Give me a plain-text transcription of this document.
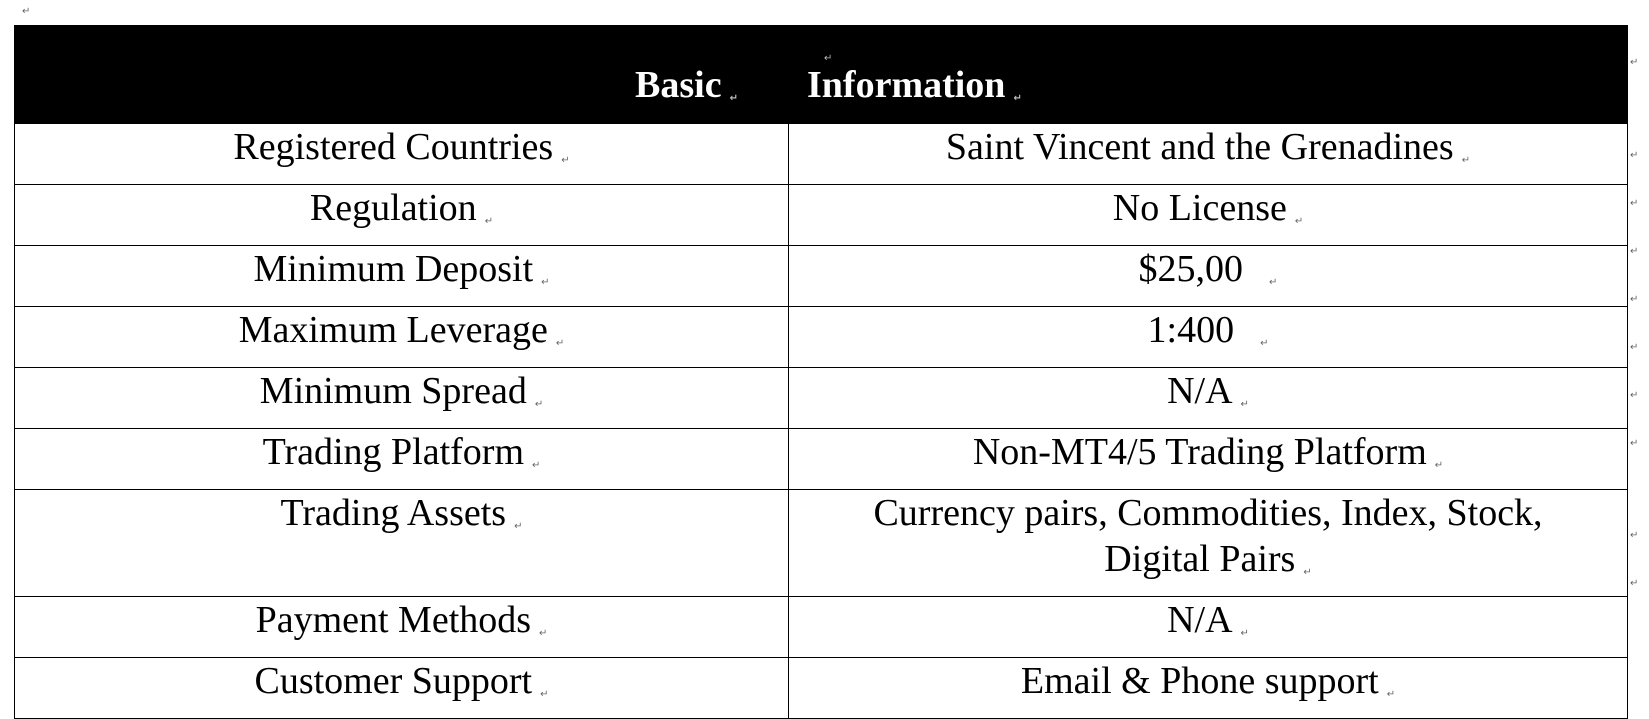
↵
Basic ↵	Information ↵
Registered Countries ↵	Saint Vincent and the Grenadines ↵
Regulation ↵	No License ↵
Minimum Deposit ↵	$25,00 ↵
Maximum Leverage ↵	1:400 ↵
Minimum Spread ↵	N/A ↵
Trading Platform ↵	Non-MT4/5 Trading Platform ↵
Trading Assets ↵	Currency pairs, Commodities, Index, Stock, Digital Pairs ↵
Payment Methods ↵	N/A ↵
Customer Support ↵	Email & Phone support ↵
↵	↵
↵
↵
↵
↵
↵
↵
↵
↵
↵
